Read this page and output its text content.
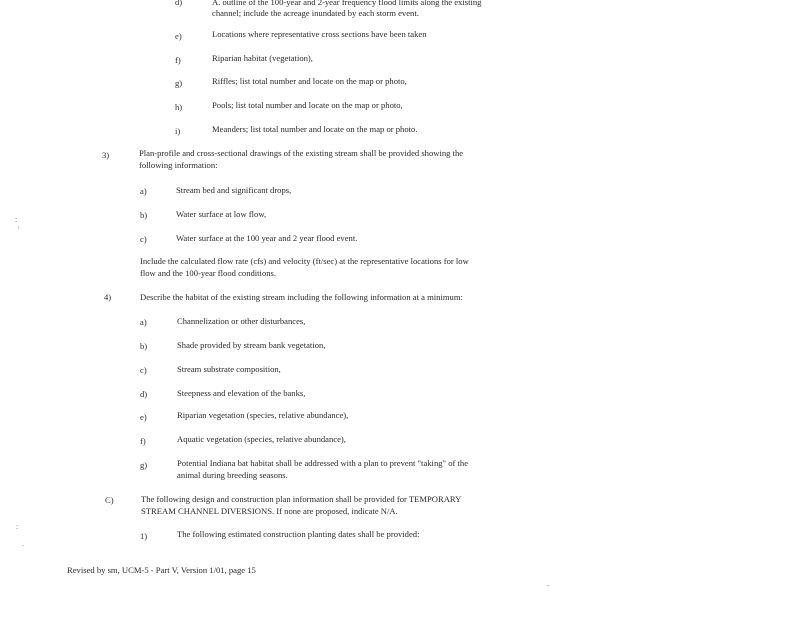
d)	A. outline of the 100-year and 2-year frequency flood limits along the existing
channel; include the acreage inundated by each storm event.
e)	Locations where representative cross sections have been taken
f)	Riparian habitat (vegetation),
g)	Riffles; list total number and locate on the map or photo,
h)	Pools; list total number and locate on the map or photo,
i)	Meanders; list total number and locate on the map or photo.
3)	Plan-profile and cross-sectional drawings of the existing stream shall be provided showing the
following information:
a)	Stream bed and significant drops,
b)	Water surface at low flow,
c)	Water surface at the 100 year and 2 year flood event.
Include the calculated flow rate (cfs) and velocity (ft/sec) at the representative locations for low
flow and the 100-year flood conditions.
4)	Describe the habitat of the existing stream including the following information at a minimum:
a)	Channelization or other disturbances,
b)	Shade provided by stream bank vegetation,
c)	Stream substrate composition,
d)	Steepness and elevation of the banks,
e)	Riparian vegetation (species, relative abundance),
f)	Aquatic vegetation (species, relative abundance),
g)	Potential Indiana bat habitat shall be addressed with a plan to prevent "taking" of the
animal during breeding seasons.
C)	The following design and construction plan information shall be provided for TEMPORARY
STREAM CHANNEL DIVERSIONS. If none are proposed, indicate N/A.
1)	The following estimated construction planting dates shall be provided:
Revised by sm, UCM-5 - Part V, Version 1/01, page 15
:
'
:
.
-
